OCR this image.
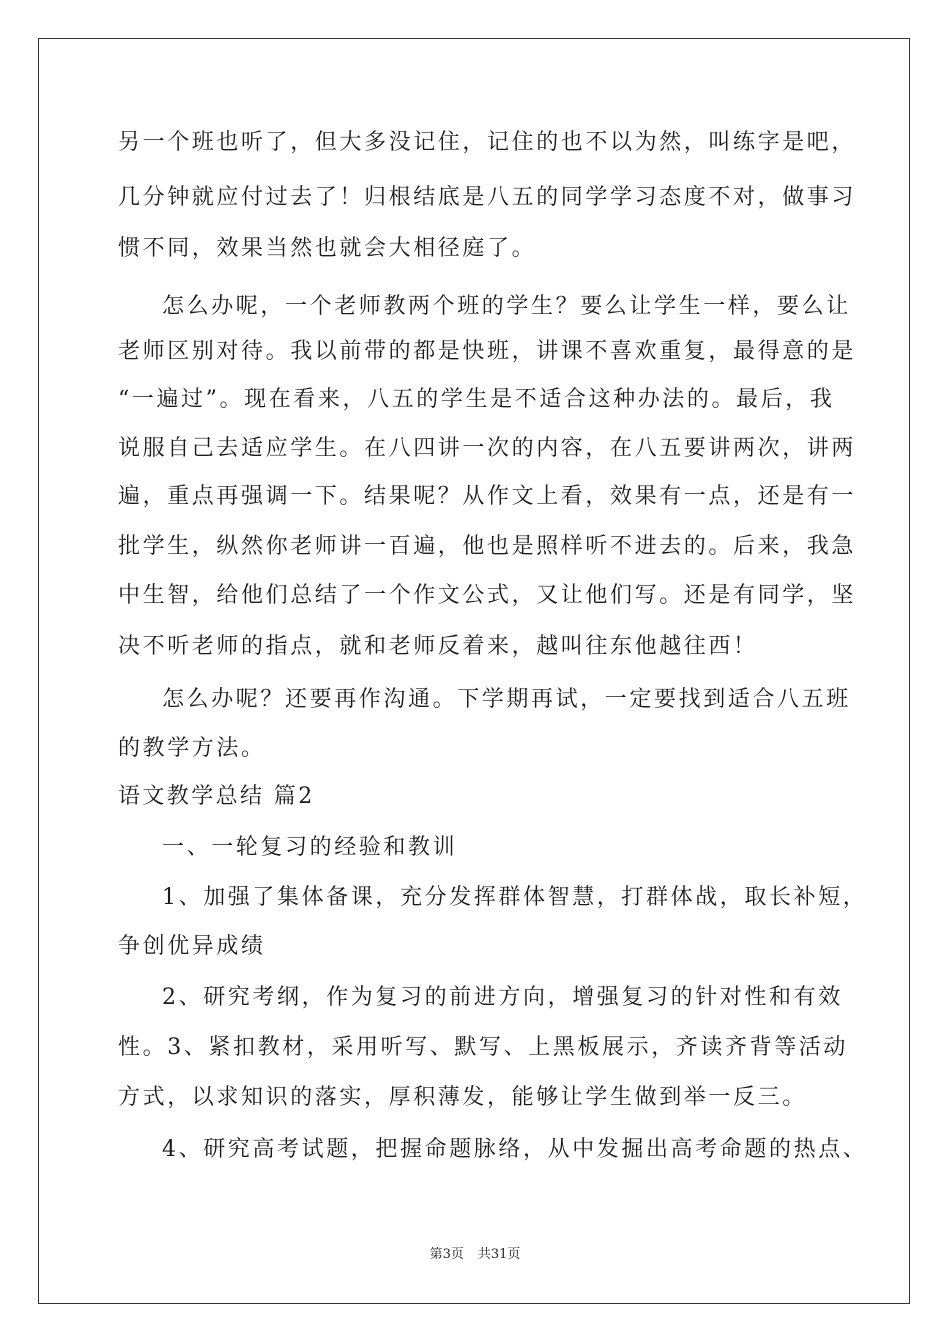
另一个班也听了，但大多没记住，记住的也不以为然，叫练字是吧，
几分钟就应付过去了！归根结底是八五的同学学习态度不对，做事习
惯不同，效果当然也就会大相径庭了。
怎么办呢，一个老师教两个班的学生？要么让学生一样，要么让
老师区别对待。我以前带的都是快班，讲课不喜欢重复，最得意的是
“一遍过”。现在看来，八五的学生是不适合这种办法的。最后，我
说服自己去适应学生。在八四讲一次的内容，在八五要讲两次，讲两
遍，重点再强调一下。结果呢？从作文上看，效果有一点，还是有一
批学生，纵然你老师讲一百遍，他也是照样听不进去的。后来，我急
中生智，给他们总结了一个作文公式，又让他们写。还是有同学，坚
决不听老师的指点，就和老师反着来，越叫往东他越往西！
怎么办呢？还要再作沟通。下学期再试，一定要找到适合八五班
的教学方法。
语文教学总结 篇2
一、一轮复习的经验和教训
1、加强了集体备课，充分发挥群体智慧，打群体战，取长补短，
争创优异成绩
2、研究考纲，作为复习的前进方向，增强复习的针对性和有效
性。3、紧扣教材，采用听写、默写、上黑板展示，齐读齐背等活动
方式，以求知识的落实，厚积薄发，能够让学生做到举一反三。
4、研究高考试题，把握命题脉络，从中发掘出高考命题的热点、
第3页 共31页
